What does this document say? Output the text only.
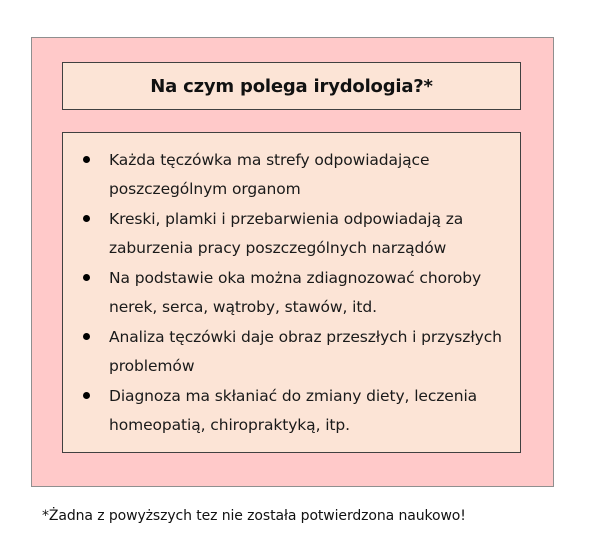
Na czym polega irydologia?*
Każda tęczówka ma strefy odpowiadające poszczególnym organom
Kreski, plamki i przebarwienia odpowiadają za zaburzenia pracy poszczególnych narządów
Na podstawie oka można zdiagnozować choroby nerek, serca, wątroby, stawów, itd.
Analiza tęczówki daje obraz przeszłych i przyszłych problemów
Diagnoza ma skłaniać do zmiany diety, leczenia homeopatią, chiropraktyką, itp.
*Żadna z powyższych tez nie została potwierdzona naukowo!
